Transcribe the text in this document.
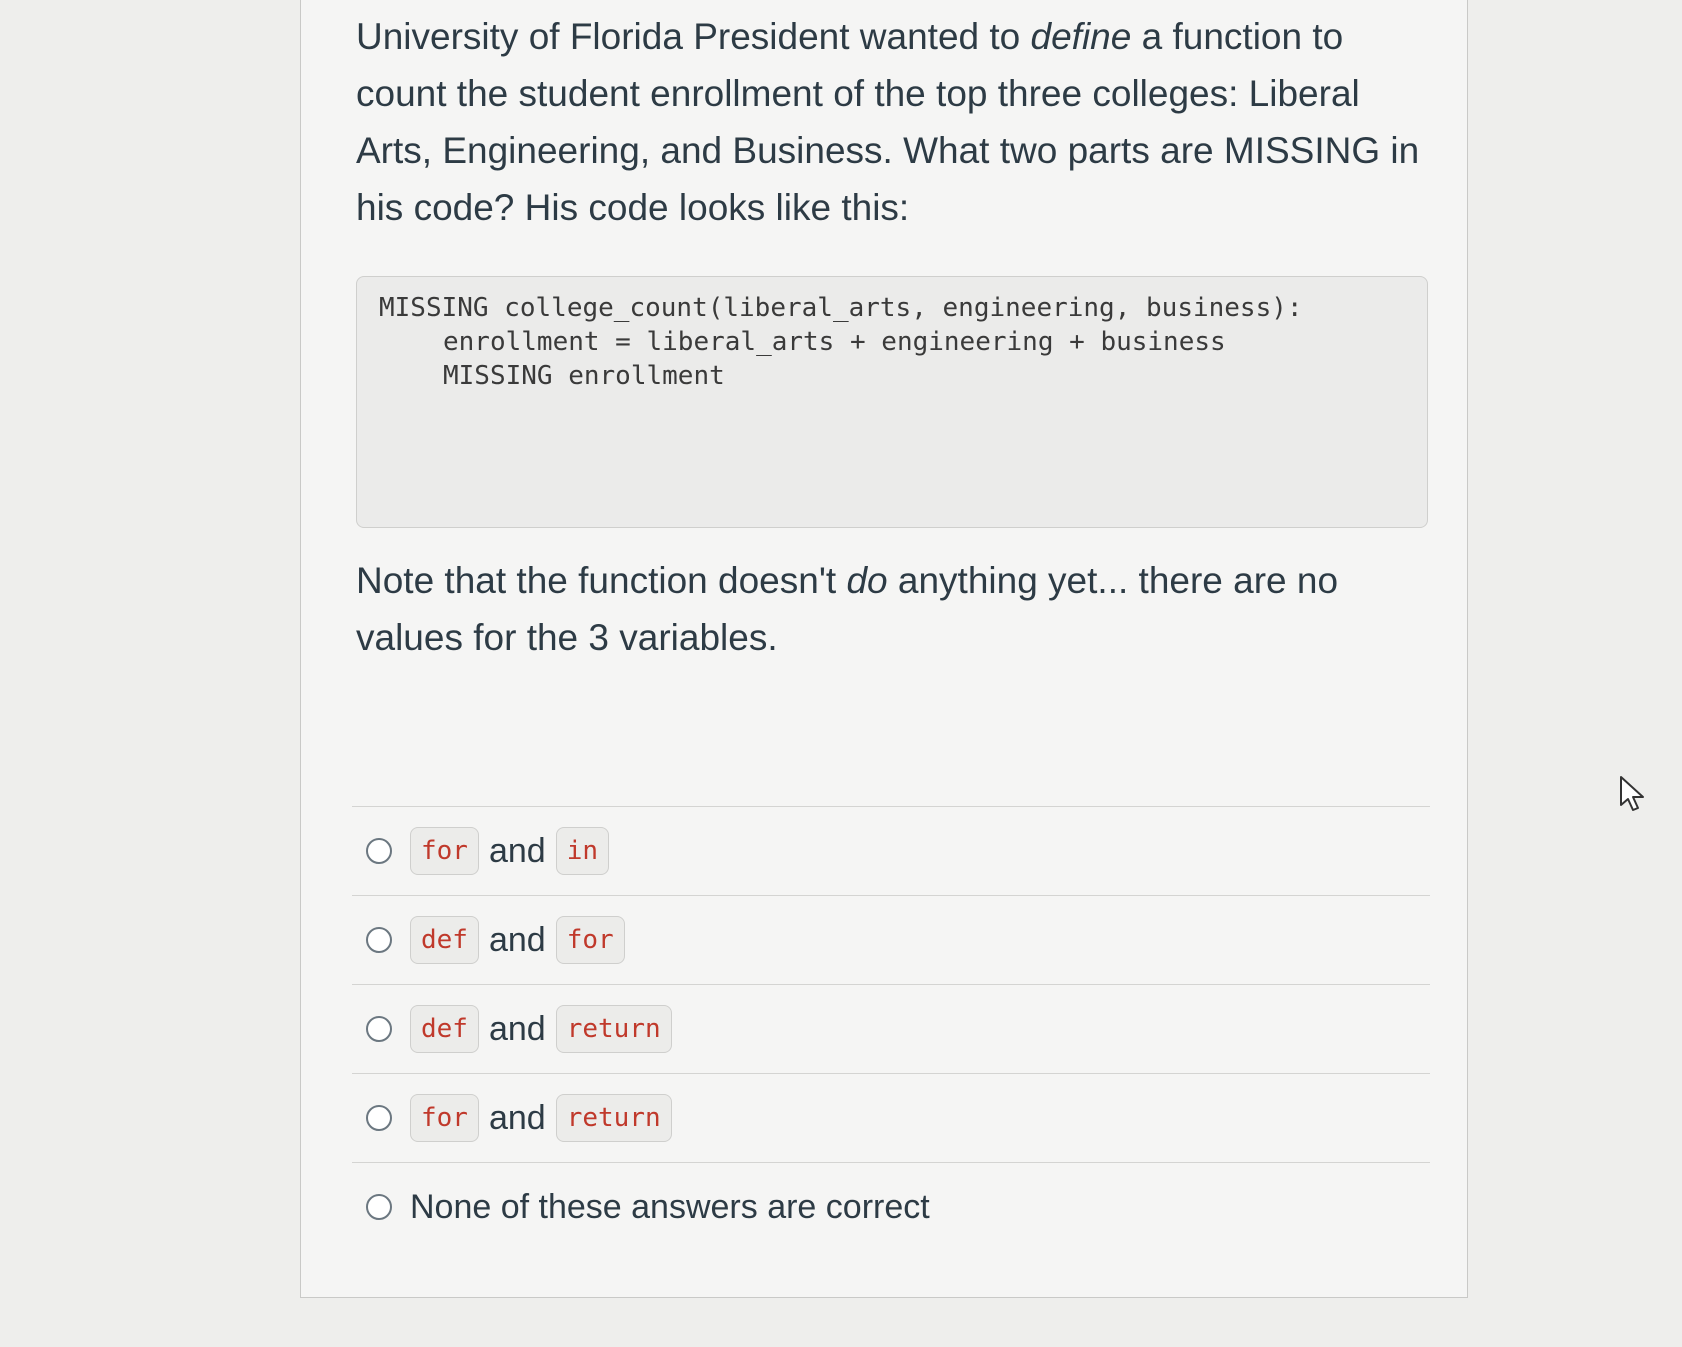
University of Florida President wanted to define a function to count the student enrollment of the top three colleges: Liberal Arts, Engineering, and Business. What two parts are MISSING in his code? His code looks like this:

MISSING college_count(liberal_arts, engineering, business):
enrollment = liberal_arts + engineering + business
MISSING enrollment

Note that the function doesn't do anything yet... there are no values for the 3 variables.

for and in
def and for
def and return
for and return
None of these answers are correct
